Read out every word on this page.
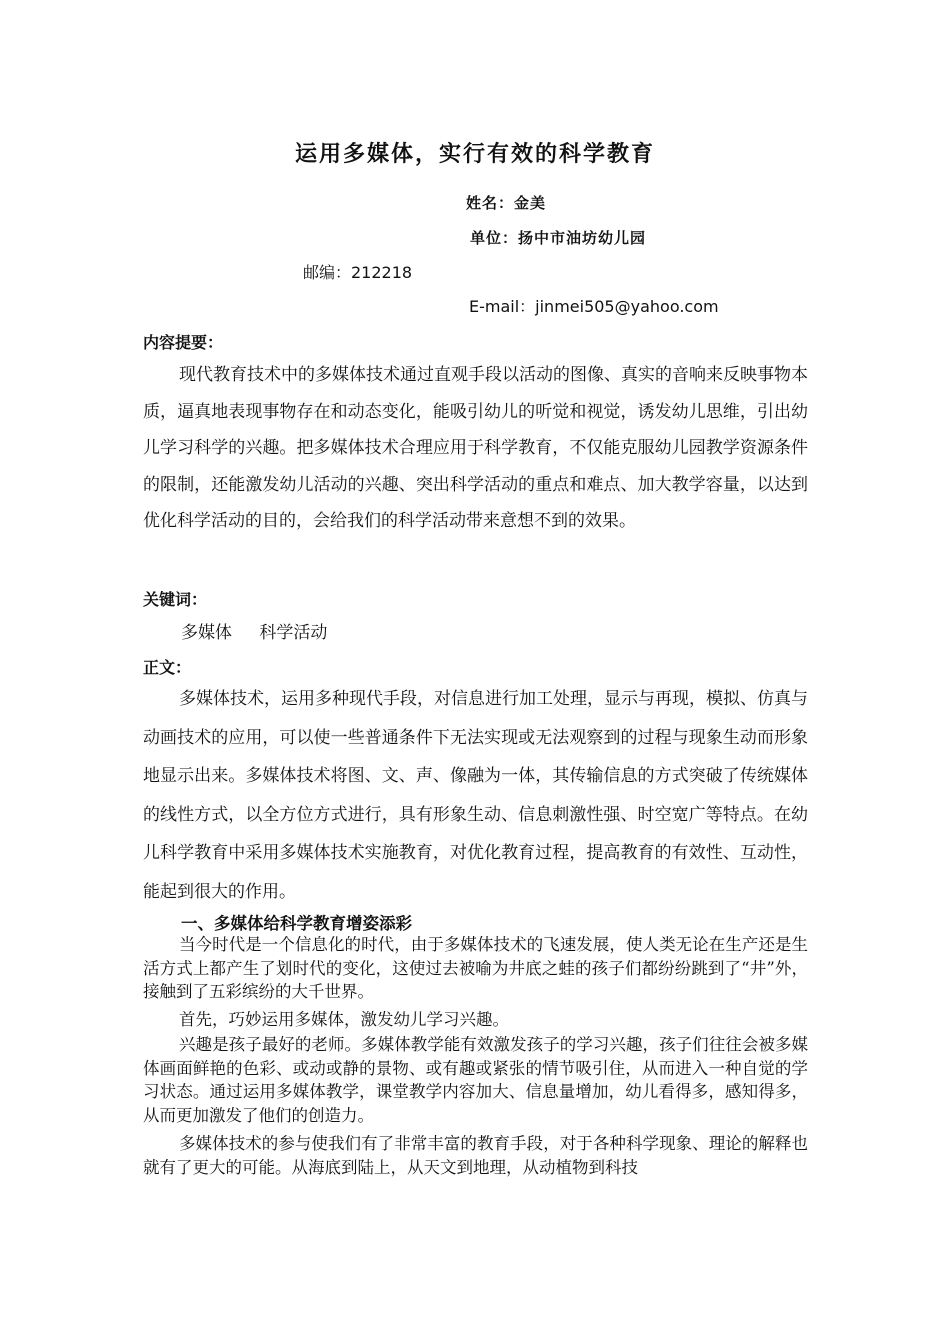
运用多媒体，实行有效的科学教育
姓名：金美
单位：扬中市油坊幼儿园
邮编：212218
E-mail：jinmei505@yahoo.com
内容提要：
现代教育技术中的多媒体技术通过直观手段以活动的图像、真实的音响来反映事物本质，逼真地表现事物存在和动态变化，能吸引幼儿的听觉和视觉，诱发幼儿思维，引出幼儿学习科学的兴趣。把多媒体技术合理应用于科学教育，不仅能克服幼儿园教学资源条件的限制，还能激发幼儿活动的兴趣、突出科学活动的重点和难点、加大教学容量，以达到优化科学活动的目的，会给我们的科学活动带来意想不到的效果。
关键词：
多媒体 科学活动
正文：
多媒体技术，运用多种现代手段，对信息进行加工处理，显示与再现，模拟、仿真与动画技术的应用，可以使一些普通条件下无法实现或无法观察到的过程与现象生动而形象地显示出来。多媒体技术将图、文、声、像融为一体，其传输信息的方式突破了传统媒体的线性方式，以全方位方式进行，具有形象生动、信息刺激性强、时空宽广等特点。在幼儿科学教育中采用多媒体技术实施教育，对优化教育过程，提高教育的有效性、互动性，能起到很大的作用。
一、多媒体给科学教育增姿添彩
当今时代是一个信息化的时代，由于多媒体技术的飞速发展，使人类无论在生产还是生活方式上都产生了划时代的变化，这使过去被喻为井底之蛙的孩子们都纷纷跳到了“井”外，接触到了五彩缤纷的大千世界。
首先，巧妙运用多媒体，激发幼儿学习兴趣。
兴趣是孩子最好的老师。多媒体教学能有效激发孩子的学习兴趣，孩子们往往会被多媒体画面鲜艳的色彩、或动或静的景物、或有趣或紧张的情节吸引住，从而进入一种自觉的学习状态。通过运用多媒体教学，课堂教学内容加大、信息量增加，幼儿看得多，感知得多，从而更加激发了他们的创造力。
多媒体技术的参与使我们有了非常丰富的教育手段，对于各种科学现象、理论的解释也就有了更大的可能。从海底到陆上，从天文到地理，从动植物到科技
